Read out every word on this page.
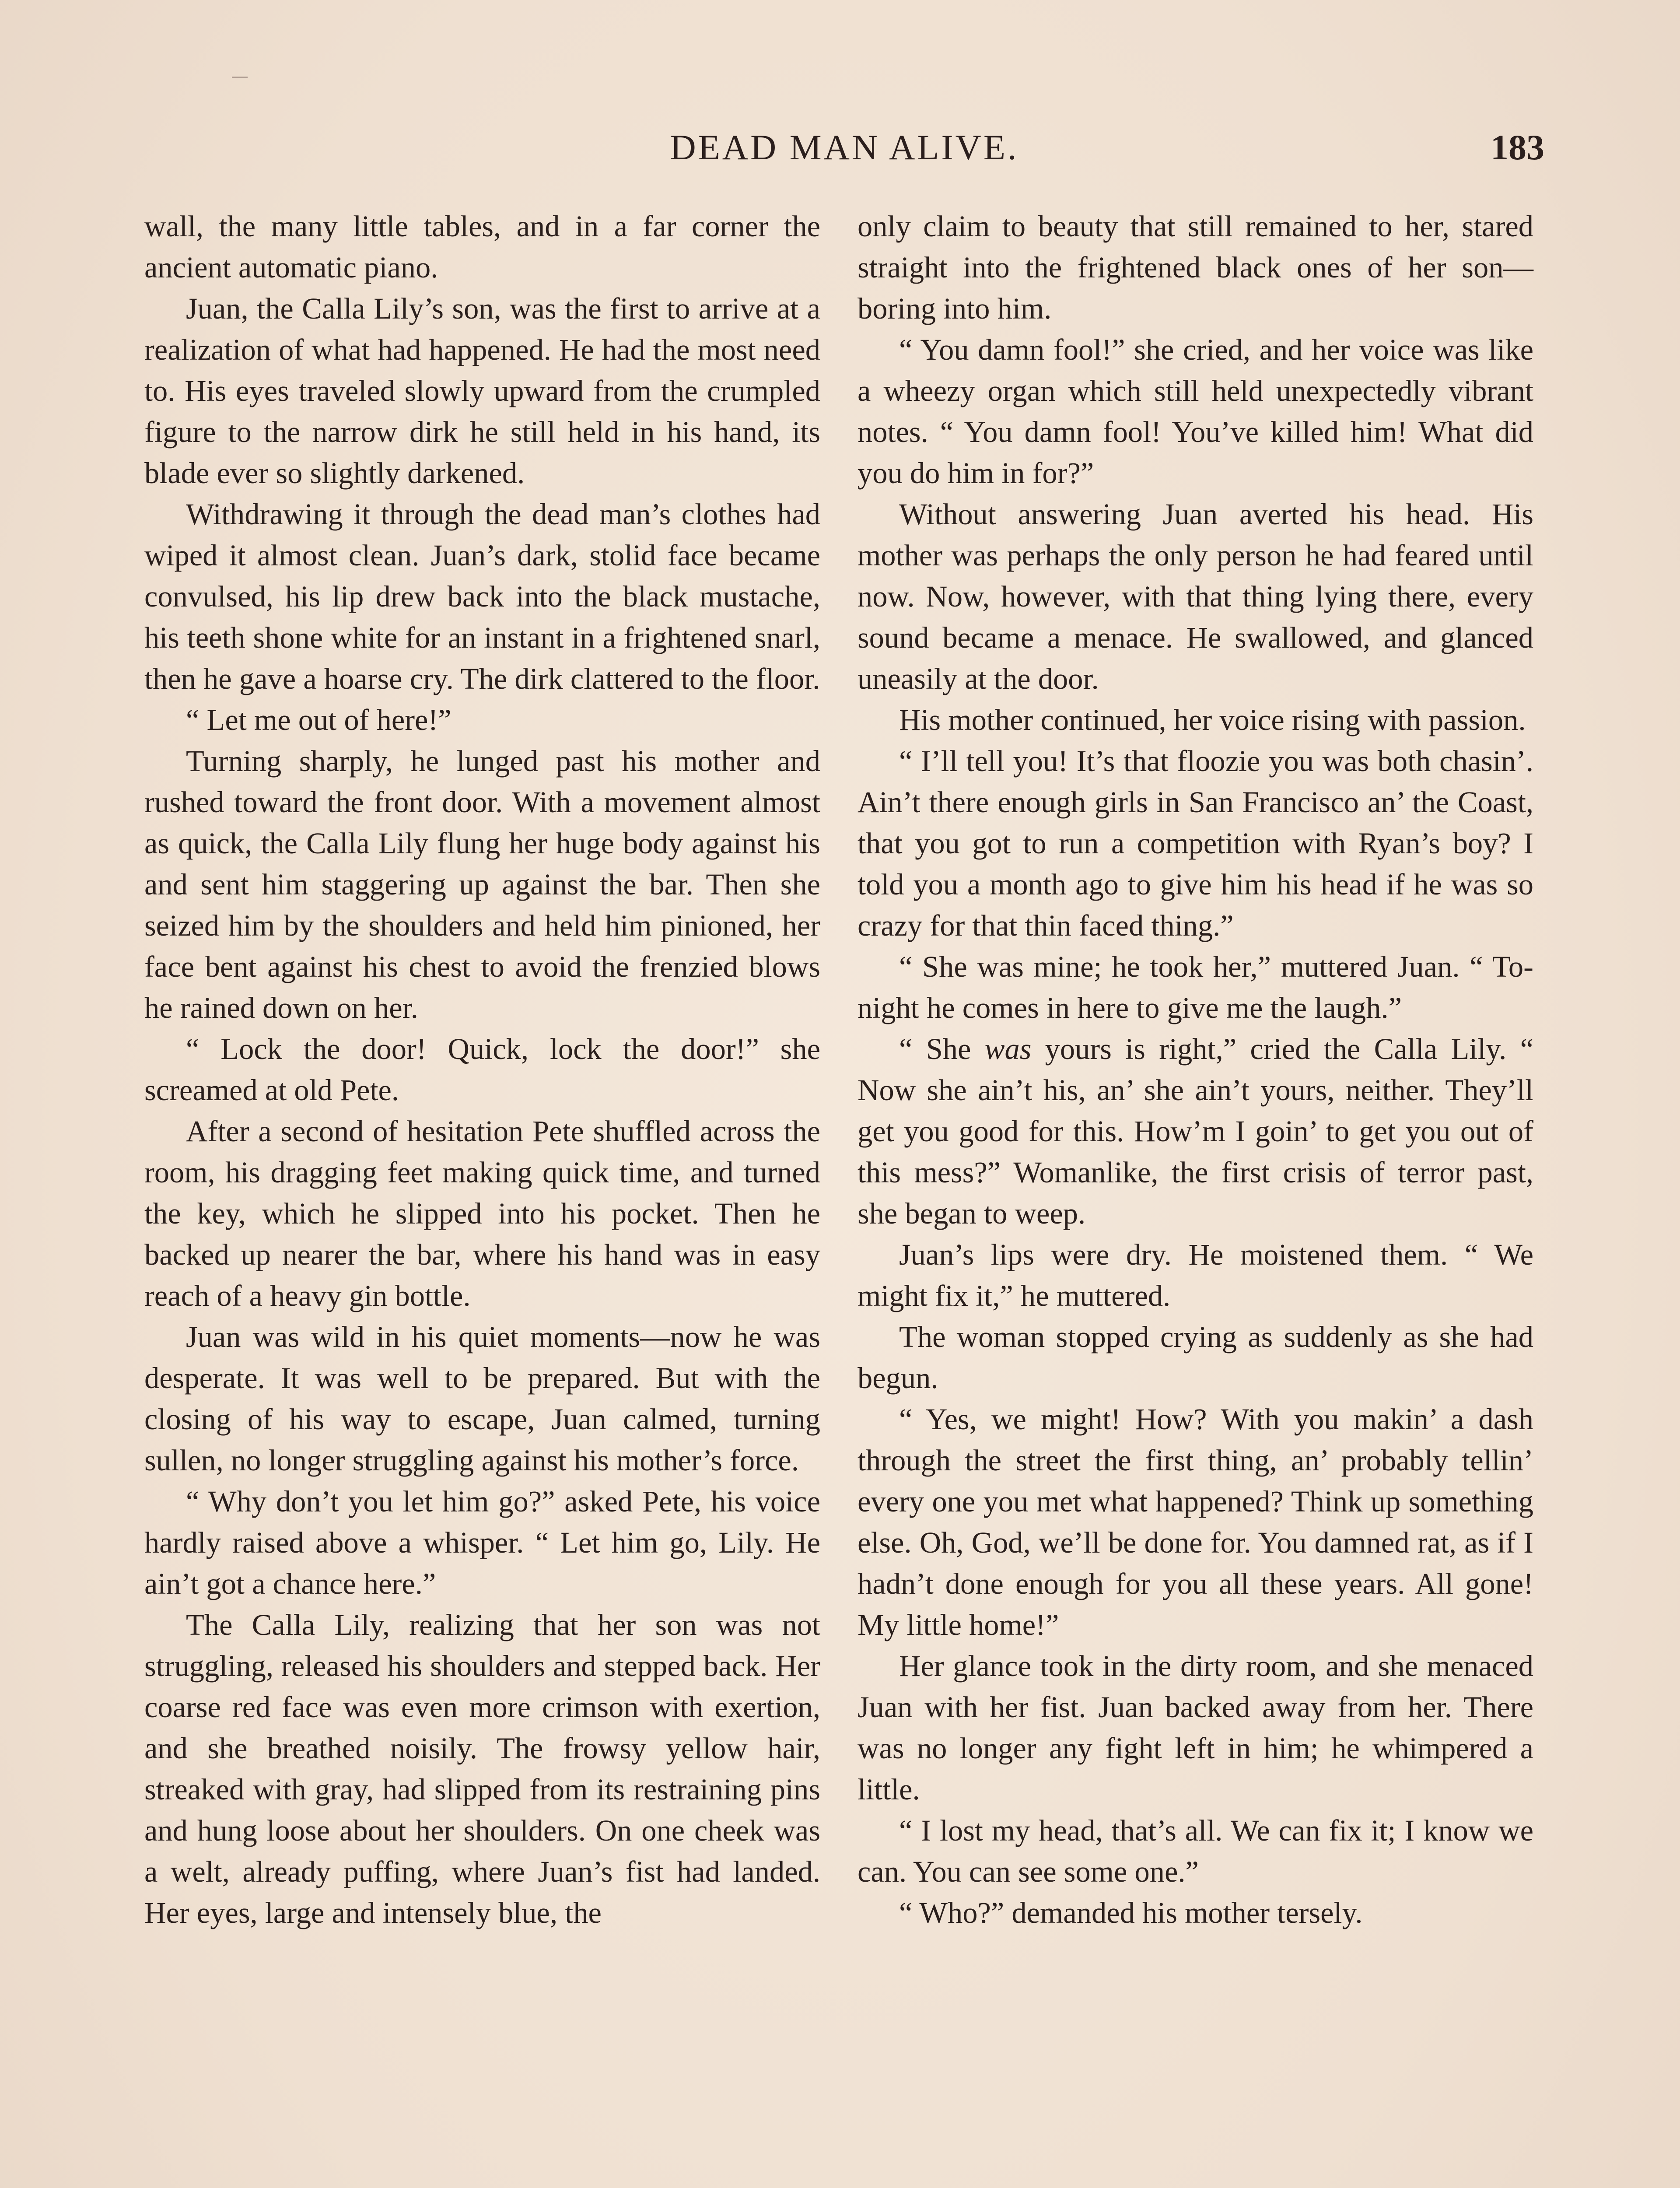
DEAD MAN ALIVE.	183

wall, the many little tables, and in a far corner the ancient automatic piano.

Juan, the Calla Lily’s son, was the first to arrive at a realization of what had happened. He had the most need to. His eyes traveled slowly upward from the crumpled figure to the narrow dirk he still held in his hand, its blade ever so slightly darkened.

Withdrawing it through the dead man’s clothes had wiped it almost clean. Juan’s dark, stolid face became convulsed, his lip drew back into the black mustache, his teeth shone white for an instant in a frightened snarl, then he gave a hoarse cry. The dirk clattered to the floor.

“ Let me out of here!”

Turning sharply, he lunged past his mother and rushed toward the front door. With a movement almost as quick, the Calla Lily flung her huge body against his and sent him staggering up against the bar. Then she seized him by the shoulders and held him pinioned, her face bent against his chest to avoid the frenzied blows he rained down on her.

“ Lock the door! Quick, lock the door!” she screamed at old Pete.

After a second of hesitation Pete shuffled across the room, his dragging feet making quick time, and turned the key, which he slipped into his pocket. Then he backed up nearer the bar, where his hand was in easy reach of a heavy gin bottle.

Juan was wild in his quiet moments—now he was desperate. It was well to be prepared. But with the closing of his way to escape, Juan calmed, turning sullen, no longer struggling against his mother’s force.

“ Why don’t you let him go?” asked Pete, his voice hardly raised above a whisper. “ Let him go, Lily. He ain’t got a chance here.”

The Calla Lily, realizing that her son was not struggling, released his shoulders and stepped back. Her coarse red face was even more crimson with exertion, and she breathed noisily. The frowsy yellow hair, streaked with gray, had slipped from its restraining pins and hung loose about her shoulders. On one cheek was a welt, already puffing, where Juan’s fist had landed. Her eyes, large and intensely blue, the

only claim to beauty that still remained to her, stared straight into the frightened black ones of her son—boring into him.

“ You damn fool!” she cried, and her voice was like a wheezy organ which still held unexpectedly vibrant notes. “ You damn fool! You’ve killed him! What did you do him in for?”

Without answering Juan averted his head. His mother was perhaps the only person he had feared until now. Now, however, with that thing lying there, every sound became a menace. He swallowed, and glanced uneasily at the door.

His mother continued, her voice rising with passion.

“ I’ll tell you! It’s that floozie you was both chasin’. Ain’t there enough girls in San Francisco an’ the Coast, that you got to run a competition with Ryan’s boy? I told you a month ago to give him his head if he was so crazy for that thin faced thing.”

“ She was mine; he took her,” muttered Juan. “ To-night he comes in here to give me the laugh.”

“ She was yours is right,” cried the Calla Lily. “ Now she ain’t his, an’ she ain’t yours, neither. They’ll get you good for this. How’m I goin’ to get you out of this mess?” Womanlike, the first crisis of terror past, she began to weep.

Juan’s lips were dry. He moistened them. “ We might fix it,” he muttered.

The woman stopped crying as suddenly as she had begun.

“ Yes, we might! How? With you makin’ a dash through the street the first thing, an’ probably tellin’ every one you met what happened? Think up something else. Oh, God, we’ll be done for. You damned rat, as if I hadn’t done enough for you all these years. All gone! My little home!”

Her glance took in the dirty room, and she menaced Juan with her fist. Juan backed away from her. There was no longer any fight left in him; he whimpered a little.

“ I lost my head, that’s all. We can fix it; I know we can. You can see some one.”

“ Who?” demanded his mother tersely.
